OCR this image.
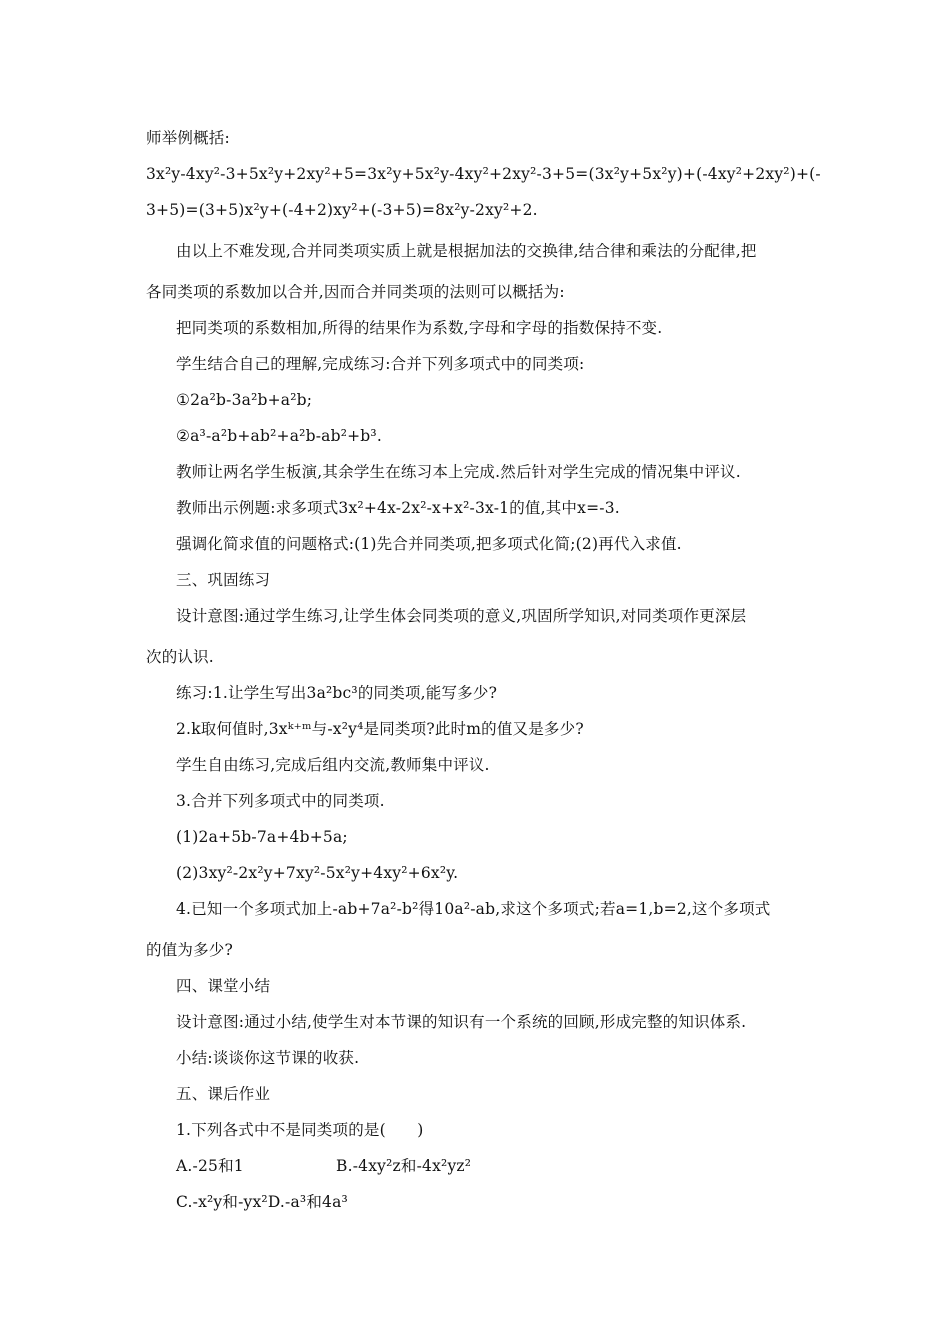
师举例概括:
3x²y-4xy²-3+5x²y+2xy²+5=3x²y+5x²y-4xy²+2xy²-3+5=(3x²y+5x²y)+(-4xy²+2xy²)+(-
3+5)=(3+5)x²y+(-4+2)xy²+(-3+5)=8x²y-2xy²+2.
由以上不难发现,合并同类项实质上就是根据加法的交换律,结合律和乘法的分配律,把
各同类项的系数加以合并,因而合并同类项的法则可以概括为:
把同类项的系数相加,所得的结果作为系数,字母和字母的指数保持不变.
学生结合自己的理解,完成练习:合并下列多项式中的同类项:
①2a²b-3a²b+a²b;
②a³-a²b+ab²+a²b-ab²+b³.
教师让两名学生板演,其余学生在练习本上完成.然后针对学生完成的情况集中评议.
教师出示例题:求多项式3x²+4x-2x²-x+x²-3x-1的值,其中x=-3.
强调化简求值的问题格式:(1)先合并同类项,把多项式化简;(2)再代入求值.
三、巩固练习
设计意图:通过学生练习,让学生体会同类项的意义,巩固所学知识,对同类项作更深层
次的认识.
练习:1.让学生写出3a²bc³的同类项,能写多少?
2.k取何值时,3xᵏ⁺ᵐ与-x²y⁴是同类项?此时m的值又是多少?
学生自由练习,完成后组内交流,教师集中评议.
3.合并下列多项式中的同类项.
(1)2a+5b-7a+4b+5a;
(2)3xy²-2x²y+7xy²-5x²y+4xy²+6x²y.
4.已知一个多项式加上-ab+7a²-b²得10a²-ab,求这个多项式;若a=1,b=2,这个多项式
的值为多少?
四、课堂小结
设计意图:通过小结,使学生对本节课的知识有一个系统的回顾,形成完整的知识体系.
小结:谈谈你这节课的收获.
五、课后作业
1.下列各式中不是同类项的是(　　)
A.-25和1	B.-4xy²z和-4x²yz²
C.-x²y和-yx²D.-a³和4a³
